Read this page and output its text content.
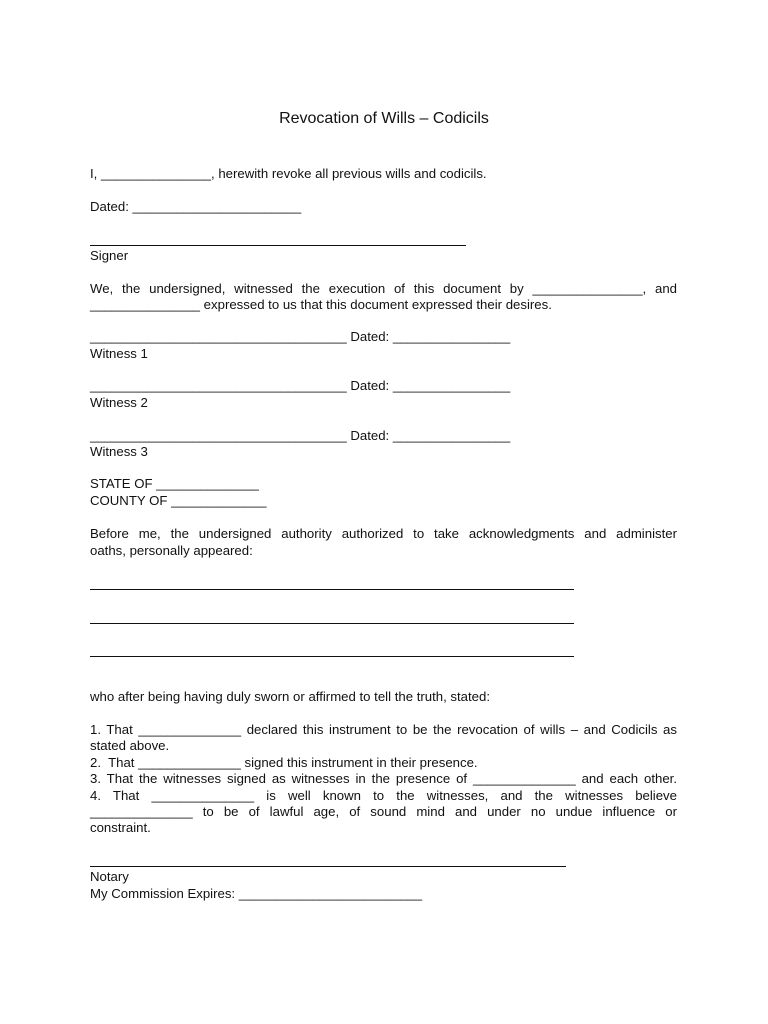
Revocation of Wills – Codicils
I, _______________, herewith revoke all previous wills and codicils.
Dated: _______________________
Signer
We, the undersigned, witnessed the execution of this document by _______________, and
_______________ expressed to us that this document expressed their desires.
___________________________________ Dated: ________________
Witness 1
___________________________________ Dated: ________________
Witness 2
___________________________________ Dated: ________________
Witness 3
STATE OF ______________
COUNTY OF _____________
Before me, the undersigned authority authorized to take acknowledgments and administer
oaths, personally appeared:
who after being having duly sworn or affirmed to tell the truth, stated:
1. That ______________ declared this instrument to be the revocation of wills – and Codicils as
stated above.
2.  That ______________ signed this instrument in their presence.
3. That the witnesses signed as witnesses in the presence of ______________ and each other.
4. That ______________ is well known to the witnesses, and the witnesses believe
______________ to be of lawful age, of sound mind and under no undue influence or
constraint.
Notary
My Commission Expires: _________________________
